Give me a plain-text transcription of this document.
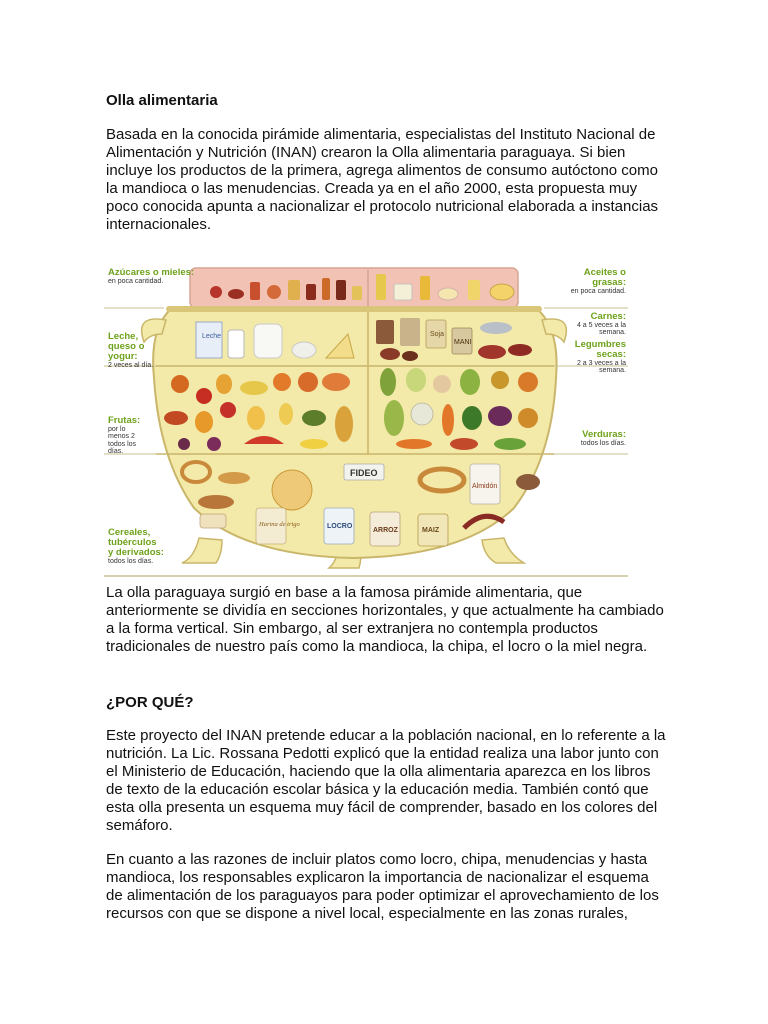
Olla alimentaria

Basada en la conocida pirámide alimentaria, especialistas del Instituto Nacional de Alimentación y Nutrición (INAN) crearon la Olla alimentaria paraguaya. Si bien incluye los productos de la primera, agrega alimentos de consumo autóctono como la mandioca o las menudencias. Creada ya en el año 2000, esta propuesta muy poco conocida apunta a nacionalizar el protocolo nutricional elaborada a instancias internacionales.

Leche	Soja
MANI
Harina de trigo
FIDEO
LOCRO
ARROZ
Almidón
MAIZ
Azúcares o mieles:
en poca cantidad.
Aceites o grasas:
en poca cantidad.
Leche, queso o yogur:
2 veces al día.
Carnes:
4 a 5 veces a la semana.
Legumbres secas:
2 a 3 veces a la semana.
Frutas:
por lo menos 2 todos los días.
Verduras:
todos los días.
Cereales, tubérculos y derivados:
todos los días.

La olla paraguaya surgió en base a la famosa pirámide alimentaria, que anteriormente se dividía en secciones horizontales, y que actualmente ha cambiado a la forma vertical. Sin embargo, al ser extranjera no contempla productos tradicionales de nuestro país como la mandioca, la chipa, el locro o la miel negra.

¿POR QUÉ?

Este proyecto del INAN pretende educar a la población nacional, en lo referente a la nutrición. La Lic. Rossana Pedotti explicó que la entidad realiza una labor junto con el Ministerio de Educación, haciendo que la olla alimentaria aparezca en los libros de texto de la educación escolar básica y la educación media. También contó que esta olla presenta un esquema muy fácil de comprender, basado en los colores del semáforo.

En cuanto a las razones de incluir platos como locro, chipa, menudencias y hasta mandioca, los responsables explicaron la importancia de nacionalizar el esquema de alimentación de los paraguayos para poder optimizar el aprovechamiento de los recursos con que se dispone a nivel local, especialmente en las zonas rurales,
